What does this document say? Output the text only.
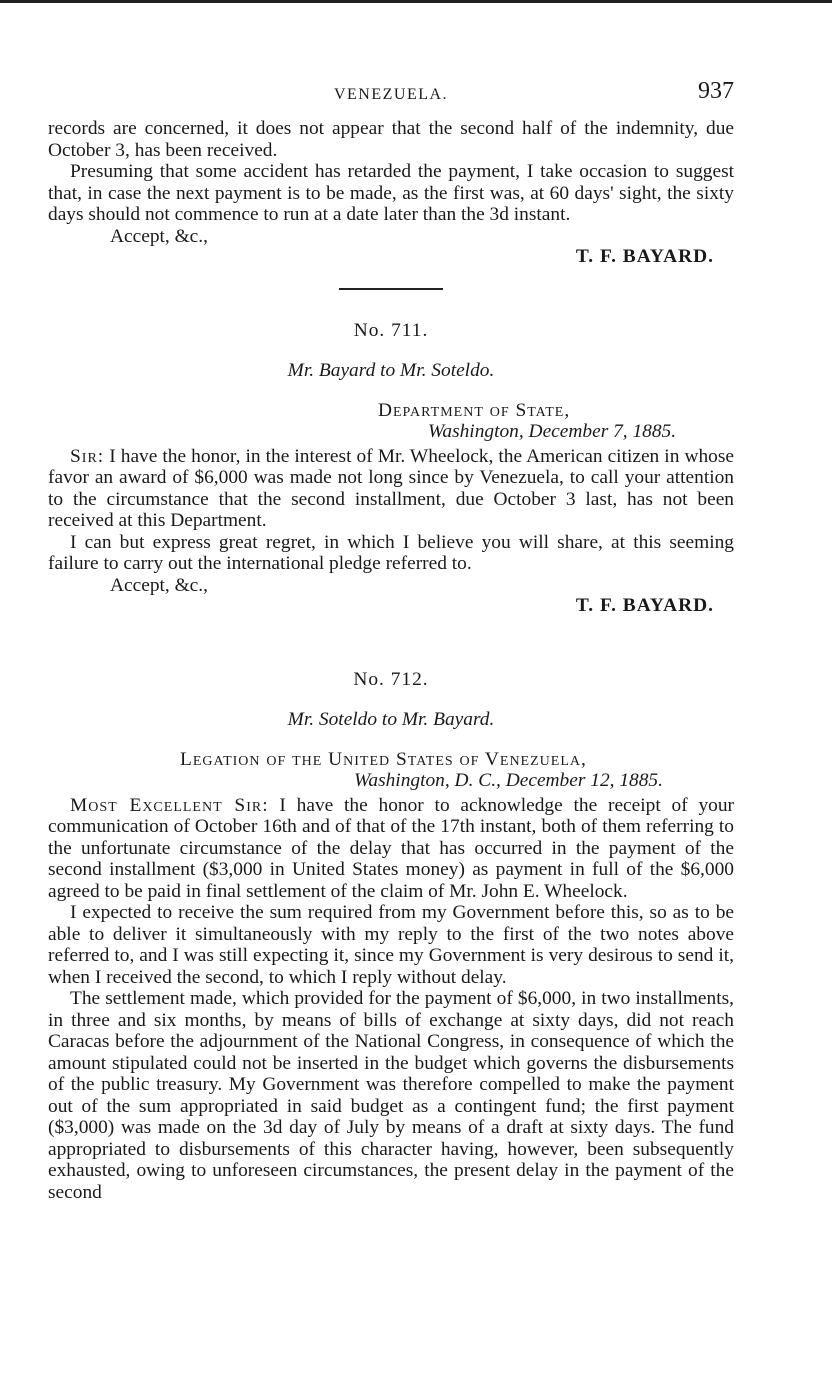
VENEZUELA.	937

records are concerned, it does not appear that the second half of the indemnity, due October 3, has been received.

Presuming that some accident has retarded the payment, I take occasion to suggest that, in case the next payment is to be made, as the first was, at 60 days' sight, the sixty days should not commence to run at a date later than the 3d instant.

Accept, &c.,
T. F. BAYARD.
No. 711.
Mr. Bayard to Mr. Soteldo.
Department of State,
Washington, December 7, 1885.

Sir: I have the honor, in the interest of Mr. Wheelock, the American citizen in whose favor an award of $6,000 was made not long since by Venezuela, to call your attention to the circumstance that the second installment, due October 3 last, has not been received at this Department.

I can but express great regret, in which I believe you will share, at this seeming failure to carry out the international pledge referred to.

Accept, &c.,
T. F. BAYARD.
No. 712.
Mr. Soteldo to Mr. Bayard.
Legation of the United States of Venezuela,
Washington, D. C., December 12, 1885.

Most Excellent Sir: I have the honor to acknowledge the receipt of your communication of October 16th and of that of the 17th instant, both of them referring to the unfortunate circumstance of the delay that has occurred in the payment of the second installment ($3,000 in United States money) as payment in full of the $6,000 agreed to be paid in final settlement of the claim of Mr. John E. Wheelock.

I expected to receive the sum required from my Government before this, so as to be able to deliver it simultaneously with my reply to the first of the two notes above referred to, and I was still expecting it, since my Government is very desirous to send it, when I received the second, to which I reply without delay.

The settlement made, which provided for the payment of $6,000, in two installments, in three and six months, by means of bills of exchange at sixty days, did not reach Caracas before the adjournment of the National Congress, in consequence of which the amount stipulated could not be inserted in the budget which governs the disbursements of the public treasury. My Government was therefore compelled to make the payment out of the sum appropriated in said budget as a contingent fund; the first payment ($3,000) was made on the 3d day of July by means of a draft at sixty days. The fund appropriated to disbursements of this character having, however, been subsequently exhausted, owing to unforeseen circumstances, the present delay in the payment of the second
